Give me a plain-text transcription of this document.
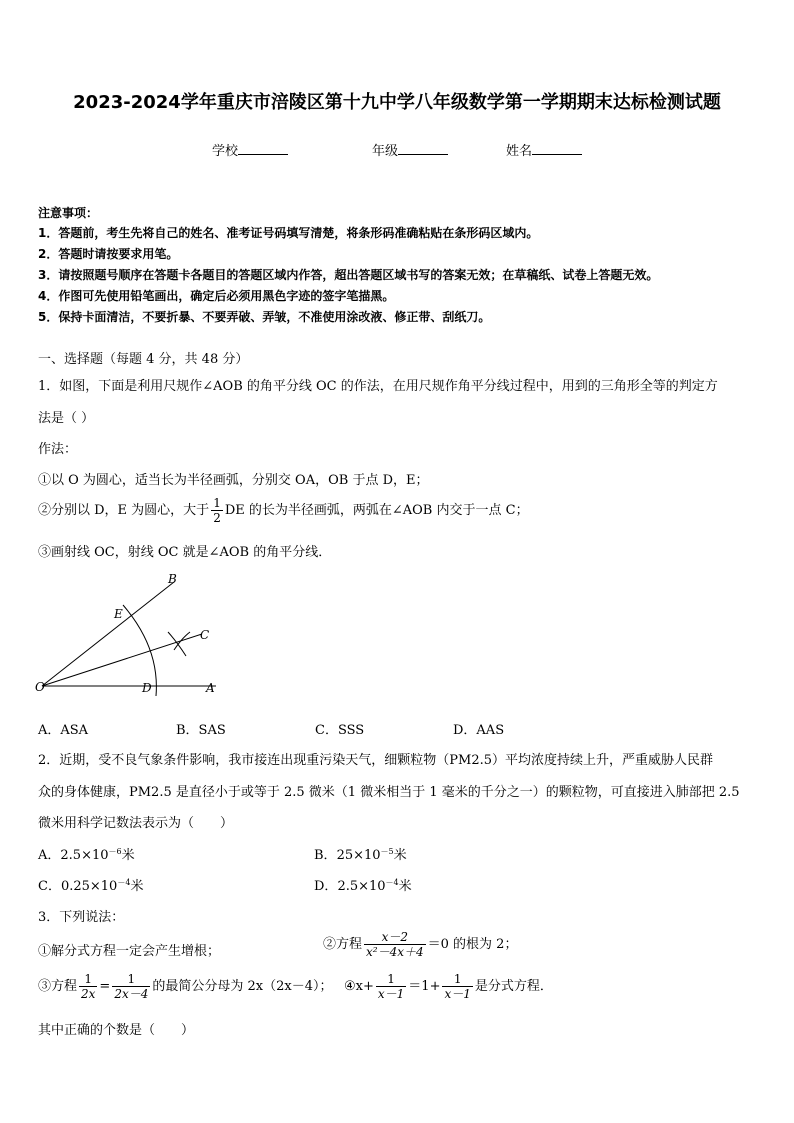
2023-2024学年重庆市涪陵区第十九中学八年级数学第一学期期末达标检测试题
学校	年级	姓名
注意事项：
1．答题前，考生先将自己的姓名、准考证号码填写清楚，将条形码准确粘贴在条形码区域内。
2．答题时请按要求用笔。
3．请按照题号顺序在答题卡各题目的答题区域内作答，超出答题区域书写的答案无效；在草稿纸、试卷上答题无效。
4．作图可先使用铅笔画出，确定后必须用黑色字迹的签字笔描黑。
5．保持卡面清洁，不要折暴、不要弄破、弄皱，不准使用涂改液、修正带、刮纸刀。
一、选择题（每题 4 分，共 48 分）
1．如图，下面是利用尺规作∠AOB 的角平分线 OC 的作法，在用尺规作角平分线过程中，用到的三角形全等的判定方
法是（ ）
作法：
①以 O 为圆心，适当长为半径画弧，分别交 OA，OB 于点 D，E；
②分别以 D，E 为圆心，大于 $\frac{1}{2}$ DE 的长为半径画弧，两弧在∠AOB 内交于一点 C；
③画射线 OC，射线 OC 就是∠AOB 的角平分线．
B
E
C
O	D	A
A．ASA	B．SAS	C．SSS	D．AAS
2．近期，受不良气象条件影响，我市接连出现重污染天气，细颗粒物（PM2.5）平均浓度持续上升，严重威胁人民群
众的身体健康，PM2.5 是直径小于或等于 2.5 微米（1 微米相当于 1 毫米的千分之一）的颗粒物，可直接进入肺部把 2.5
微米用科学记数法表示为（　　）
A．$2.5\times 10^{-6}$米	B．$25\times 10^{-5}$米
C．$0.25\times 10^{-4}$米	D．$2.5\times 10^{-4}$米
3．下列说法：
①解分式方程一定会产生增根；	②方程 $\frac{x-2}{\text{x²－4x＋4}} =0$ 的根为 2；
③方程 $\frac{1}{2x} = \frac{1}{2x-4}$ 的最简公分母为 2x（2x－4）； ④x+ $\frac{1}{x-1} =1+ \frac{1}{x-1}$ 是分式方程．
其中正确的个数是（　　）
